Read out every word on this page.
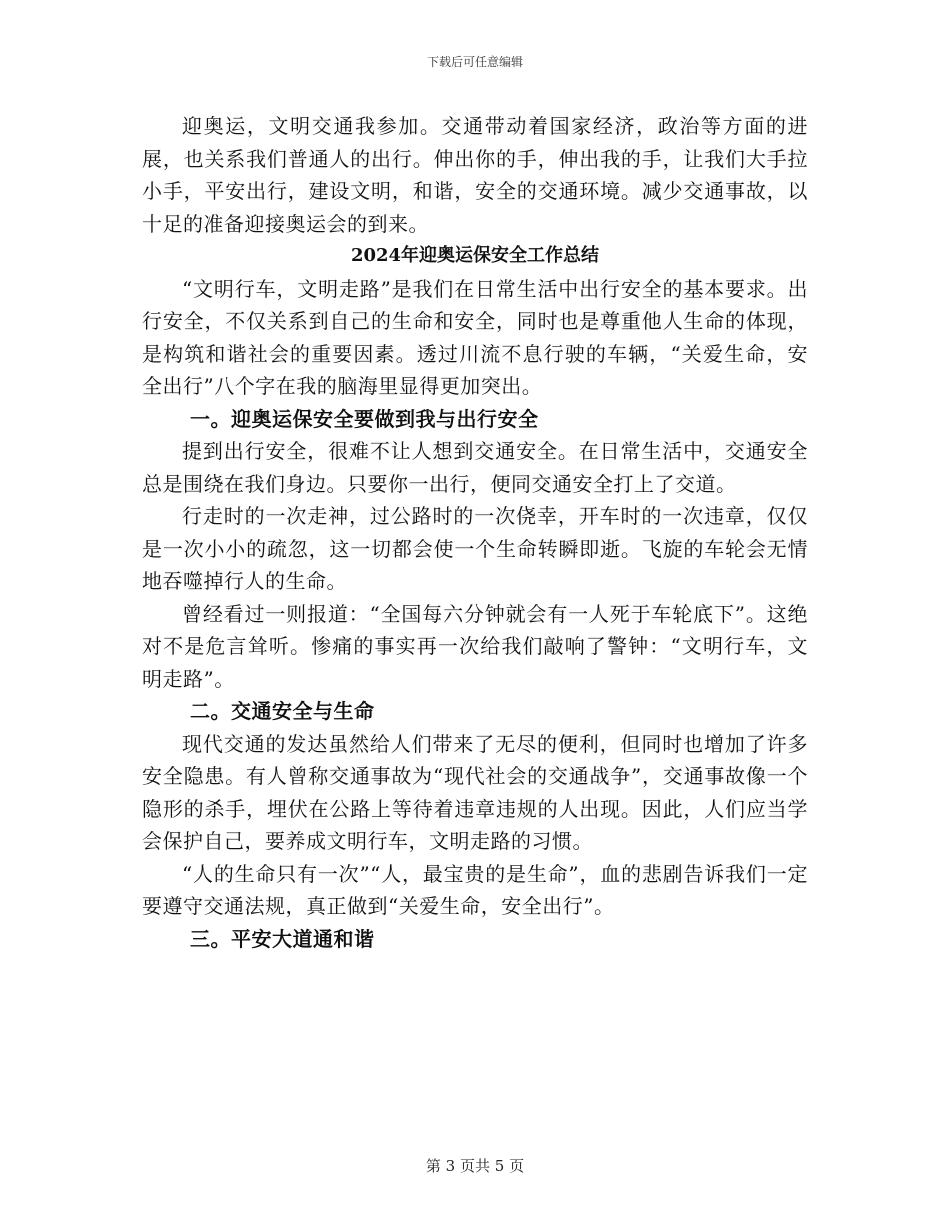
下载后可任意编辑

迎奥运，文明交通我参加。交通带动着国家经济，政治等方面的进展，也关系我们普通人的出行。伸出你的手，伸出我的手，让我们大手拉小手，平安出行，建设文明，和谐，安全的交通环境。减少交通事故，以十足的准备迎接奥运会的到来。

2024年迎奥运保安全工作总结

“文明行车，文明走路”是我们在日常生活中出行安全的基本要求。出行安全，不仅关系到自己的生命和安全，同时也是尊重他人生命的体现，是构筑和谐社会的重要因素。透过川流不息行驶的车辆，“关爱生命，安全出行”八个字在我的脑海里显得更加突出。

一。迎奥运保安全要做到我与出行安全

提到出行安全，很难不让人想到交通安全。在日常生活中，交通安全总是围绕在我们身边。只要你一出行，便同交通安全打上了交道。

行走时的一次走神，过公路时的一次侥幸，开车时的一次违章，仅仅是一次小小的疏忽，这一切都会使一个生命转瞬即逝。飞旋的车轮会无情地吞噬掉行人的生命。

曾经看过一则报道：“全国每六分钟就会有一人死于车轮底下”。这绝对不是危言耸听。惨痛的事实再一次给我们敲响了警钟：“文明行车，文明走路”。

二。交通安全与生命

现代交通的发达虽然给人们带来了无尽的便利，但同时也增加了许多安全隐患。有人曾称交通事故为“现代社会的交通战争”，交通事故像一个隐形的杀手，埋伏在公路上等待着违章违规的人出现。因此，人们应当学会保护自己，要养成文明行车，文明走路的习惯。

“人的生命只有一次”“人，最宝贵的是生命”，血的悲剧告诉我们一定要遵守交通法规，真正做到“关爱生命，安全出行”。

三。平安大道通和谐

第 3 页共 5 页
